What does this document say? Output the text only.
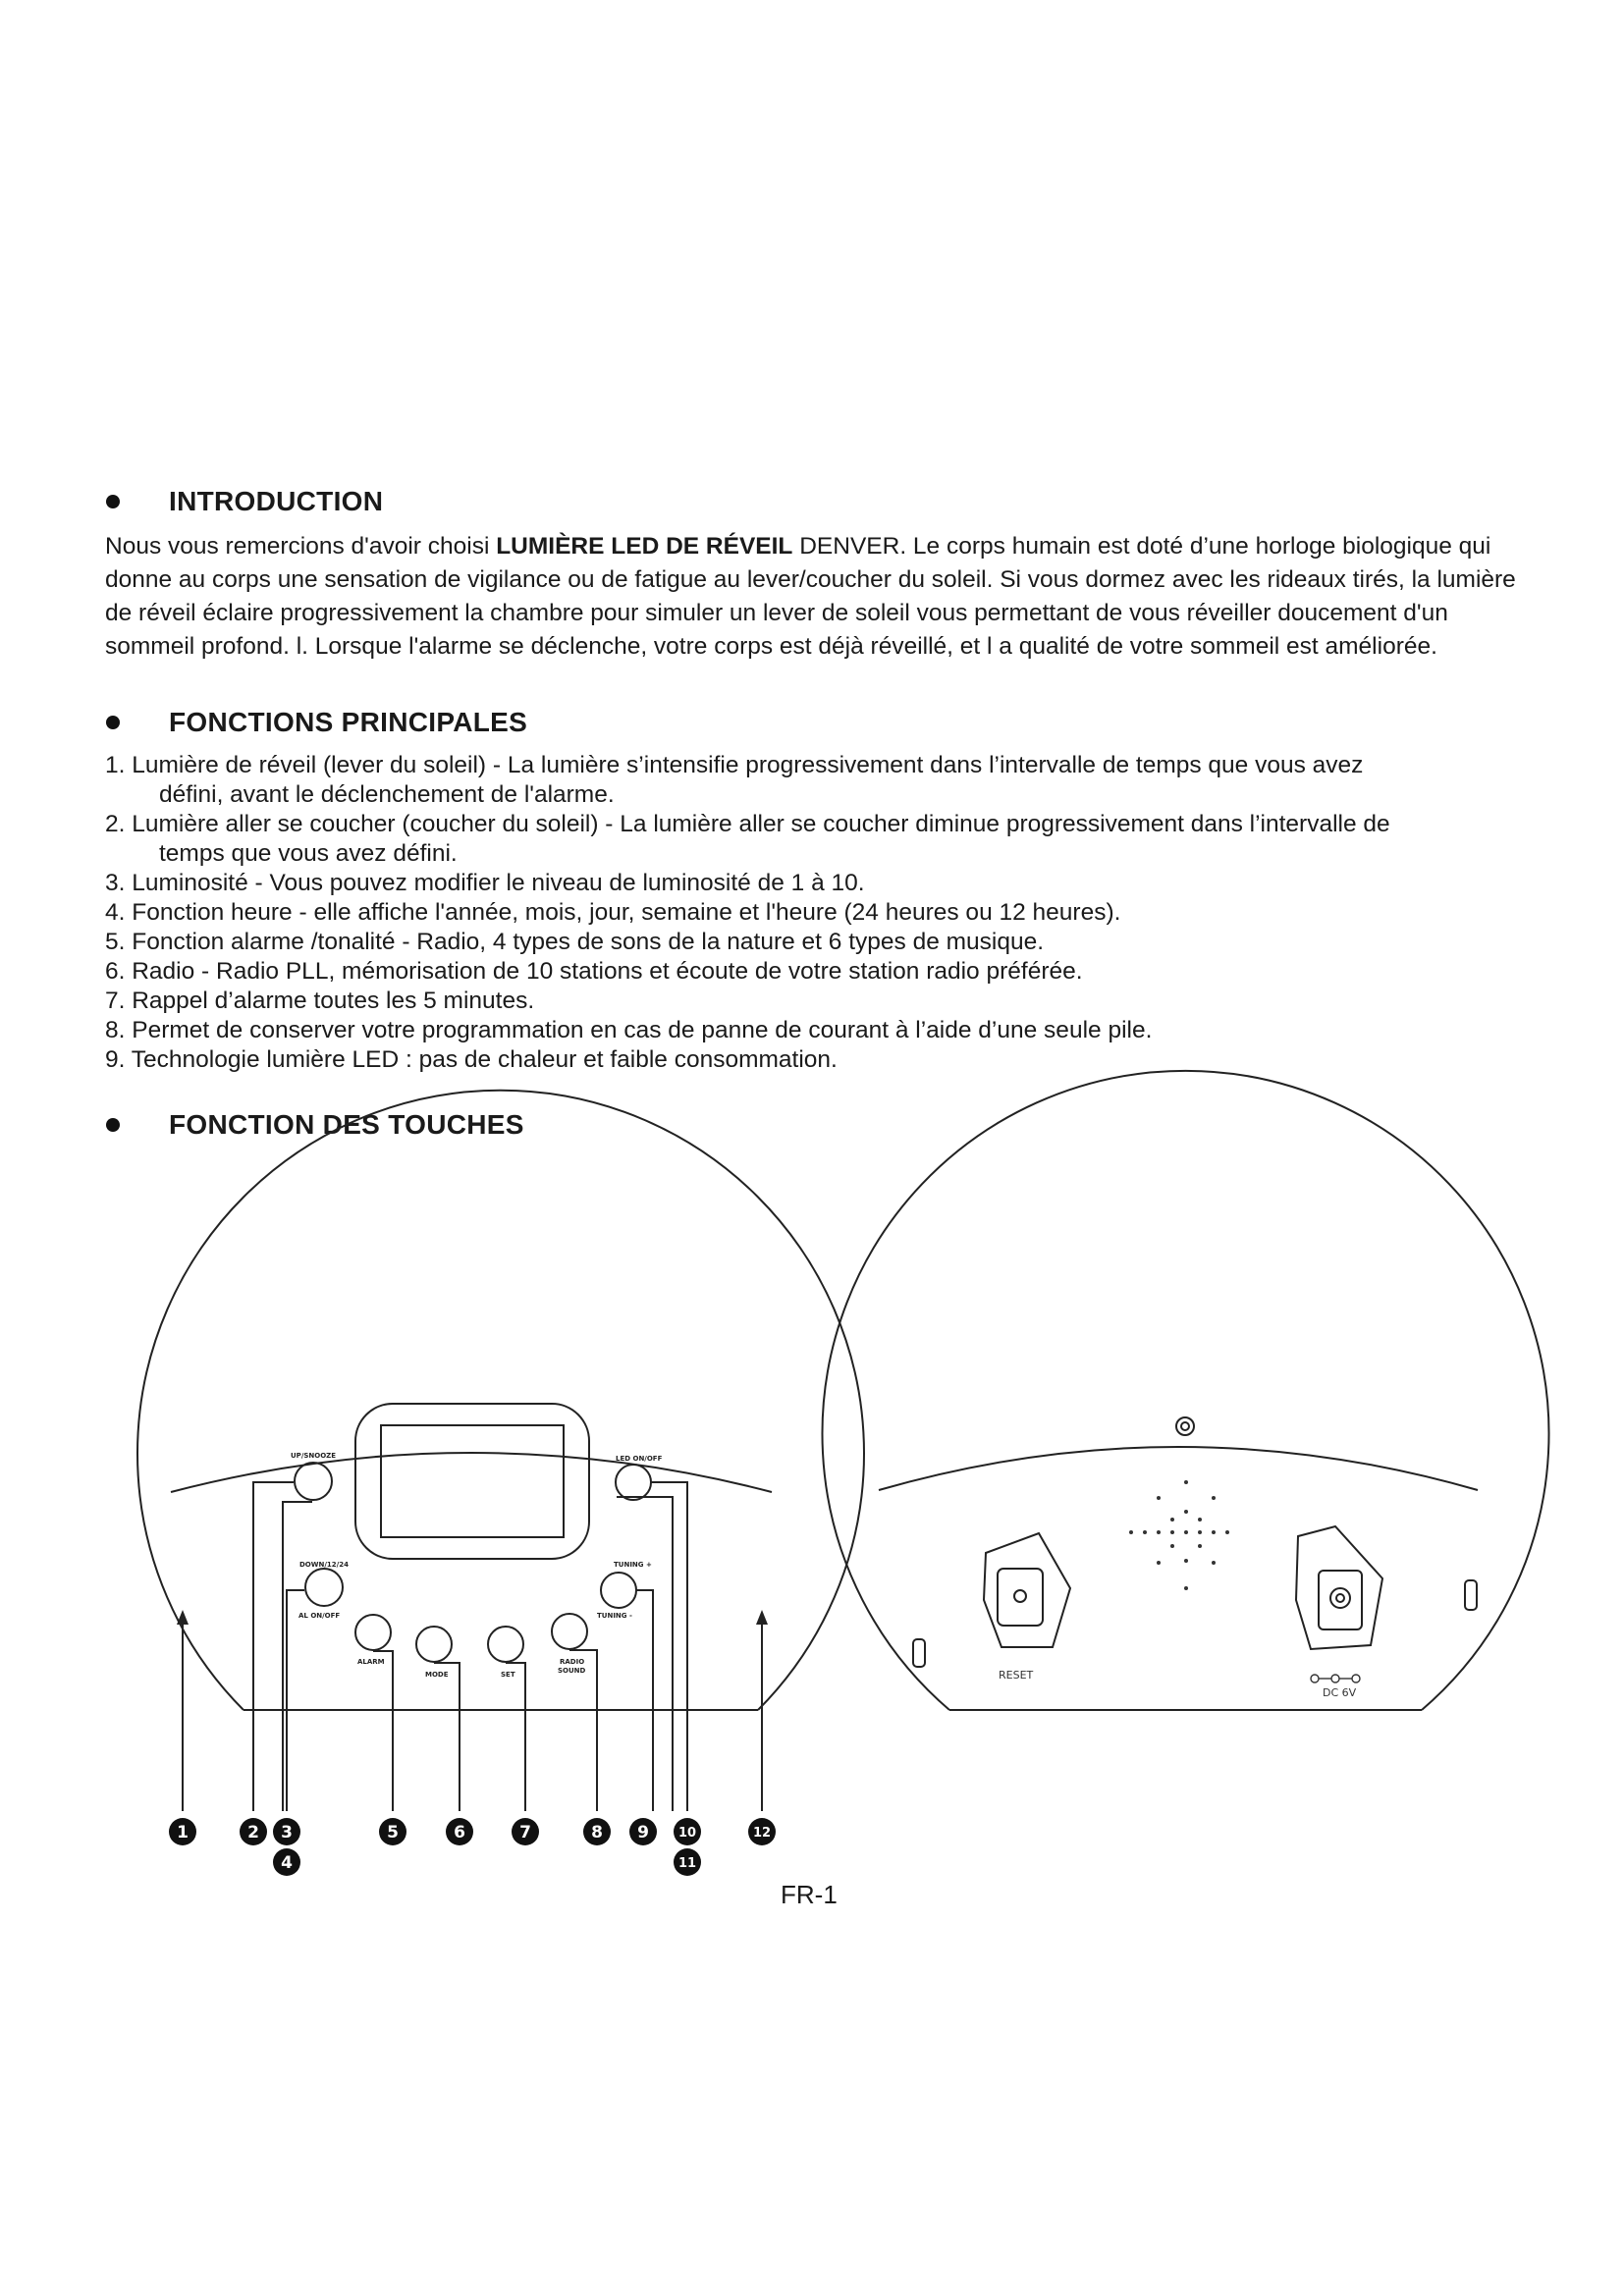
INTRODUCTION
Nous vous remercions d'avoir choisi LUMIÈRE LED DE RÉVEIL DENVER. Le corps humain est doté d’une horloge biologique qui donne au corps une sensation de vigilance ou de fatigue au lever/coucher du soleil. Si vous dormez avec les rideaux tirés, la lumière de réveil éclaire progressivement la chambre pour simuler un lever de soleil vous permettant de vous réveiller doucement d'un sommeil profond. l. Lorsque l'alarme se déclenche, votre corps est déjà réveillé, et l a qualité de votre sommeil est améliorée.
FONCTIONS PRINCIPALES
1. Lumière de réveil (lever du soleil) - La lumière s’intensifie progressivement dans l’intervalle de temps que vous avez
défini, avant le déclenchement de l'alarme.
2. Lumière aller se coucher (coucher du soleil) - La lumière aller se coucher diminue progressivement dans l’intervalle de
temps que vous avez défini.
3. Luminosité - Vous pouvez modifier le niveau de luminosité de 1 à 10.
4. Fonction heure - elle affiche l'année, mois, jour, semaine et l'heure (24 heures ou 12 heures).
5. Fonction alarme /tonalité - Radio, 4 types de sons de la nature et 6 types de musique.
6. Radio - Radio PLL, mémorisation de 10 stations et écoute de votre station radio préférée.
7. Rappel d’alarme toutes les 5 minutes.
8. Permet de conserver votre programmation en cas de panne de courant à l’aide d’une seule pile.
9. Technologie lumière LED : pas de chaleur et faible consommation.
FONCTION DES TOUCHES
UP/SNOOZE
DOWN/12/24
AL ON/OFF
ALARM
MODE	SET
RADIO
SOUND
LED ON/OFF
TUNING +
TUNING -
1	2 3
4
5	6	7	8 9 10
11
12
RESET
DC 6V
FR-1
